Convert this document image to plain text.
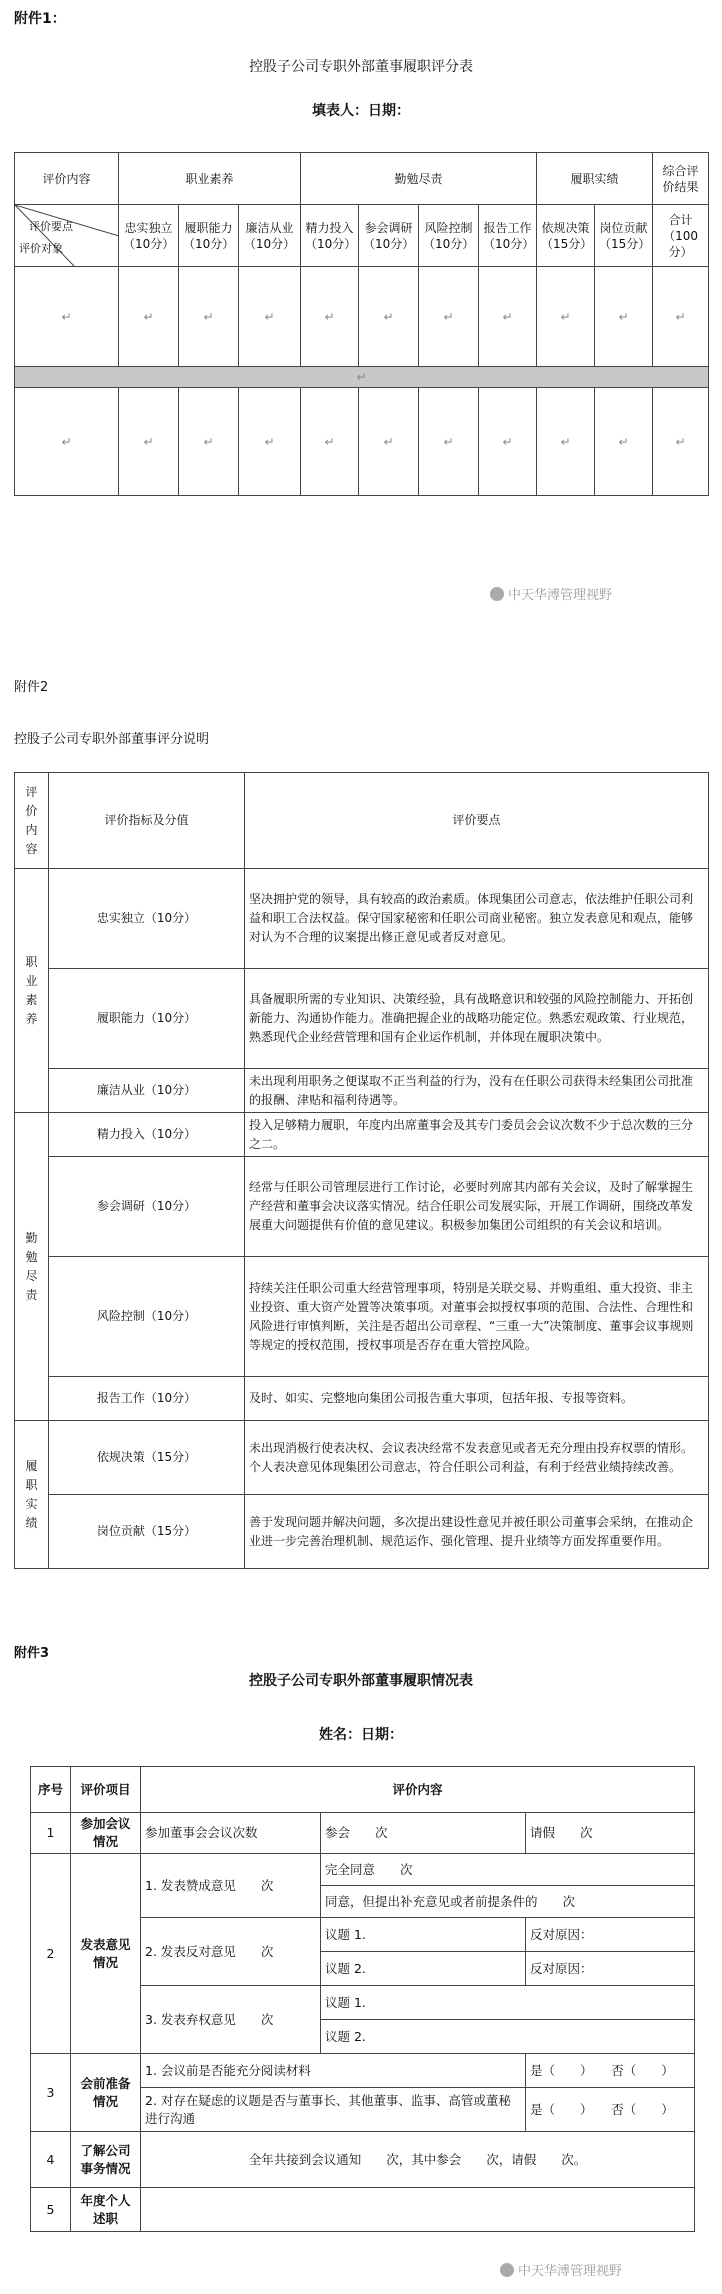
附件1：
控股子公司专职外部董事履职评分表
填表人：日期：
评价内容	职业素养			勤勉尽责				履职实绩		综合评价结果

评价要点
评价对象	忠实独立（10分）	履职能力（10分）	廉洁从业（10分）	精力投入（10分）	参会调研（10分）	风险控制（10分）	报告工作（10分）	依规决策（15分）	岗位贡献（15分）	合计（100分）
↵	↵	↵	↵	↵	↵	↵	↵	↵	↵	↵
↵										
↵	↵	↵	↵	↵	↵	↵	↵	↵	↵	↵
中天华溥管理视野
附件2
控股子公司专职外部董事评分说明
评价内容	评价指标及分值	评价要点
职业素养	忠实独立（10分）	坚决拥护党的领导，具有较高的政治素质。体现集团公司意志，依法维护任职公司利益和职工合法权益。保守国家秘密和任职公司商业秘密。独立发表意见和观点，能够对认为不合理的议案提出修正意见或者反对意见。
	履职能力（10分）	具备履职所需的专业知识、决策经验，具有战略意识和较强的风险控制能力、开拓创新能力、沟通协作能力。准确把握企业的战略功能定位。熟悉宏观政策、行业规范，熟悉现代企业经营管理和国有企业运作机制，并体现在履职决策中。
	廉洁从业（10分）	未出现利用职务之便谋取不正当利益的行为，没有在任职公司获得未经集团公司批准的报酬、津贴和福利待遇等。
勤勉尽责	精力投入（10分）	投入足够精力履职，年度内出席董事会及其专门委员会会议次数不少于总次数的三分之二。
	参会调研（10分）	经常与任职公司管理层进行工作讨论，必要时列席其内部有关会议，及时了解掌握生产经营和董事会决议落实情况。结合任职公司发展实际，开展工作调研，围绕改革发展重大问题提供有价值的意见建议。积极参加集团公司组织的有关会议和培训。
	风险控制（10分）	持续关注任职公司重大经营管理事项，特别是关联交易、并购重组、重大投资、非主业投资、重大资产处置等决策事项。对董事会拟授权事项的范围、合法性、合理性和风险进行审慎判断，关注是否超出公司章程、“三重一大”决策制度、董事会议事规则等规定的授权范围，授权事项是否存在重大管控风险。
	报告工作（10分）	及时、如实、完整地向集团公司报告重大事项，包括年报、专报等资料。
履职实绩	依规决策（15分）	未出现消极行使表决权、会议表决经常不发表意见或者无充分理由投弃权票的情形。个人表决意见体现集团公司意志，符合任职公司利益，有利于经营业绩持续改善。
	岗位贡献（15分）	善于发现问题并解决问题，多次提出建设性意见并被任职公司董事会采纳，在推动企业进一步完善治理机制、规范运作、强化管理、提升业绩等方面发挥重要作用。
附件3
控股子公司专职外部董事履职情况表
姓名：日期：
序号	评价项目	评价内容		
1	参加会议情况	参加董事会会议次数	参会　　次	请假　　次
2	发表意见情况	1. 发表赞成意见　　次	完全同意　　次	
			同意，但提出补充意见或者前提条件的　　次	
		2. 发表反对意见　　次	议题 1.	反对原因：
			议题 2.	反对原因：
		3. 发表弃权意见　　次	议题 1.	
			议题 2.	
3	会前准备情况	1. 会议前是否能充分阅读材料		是（　　）　　否（　　）
		2. 对存在疑虑的议题是否与董事长、其他董事、监事、高管或董秘进行沟通		是（　　）　　否（　　）
4	了解公司事务情况	全年共接到会议通知　　次，其中参会　　次，请假　　次。		
5	年度个人述职			
中天华溥管理视野
